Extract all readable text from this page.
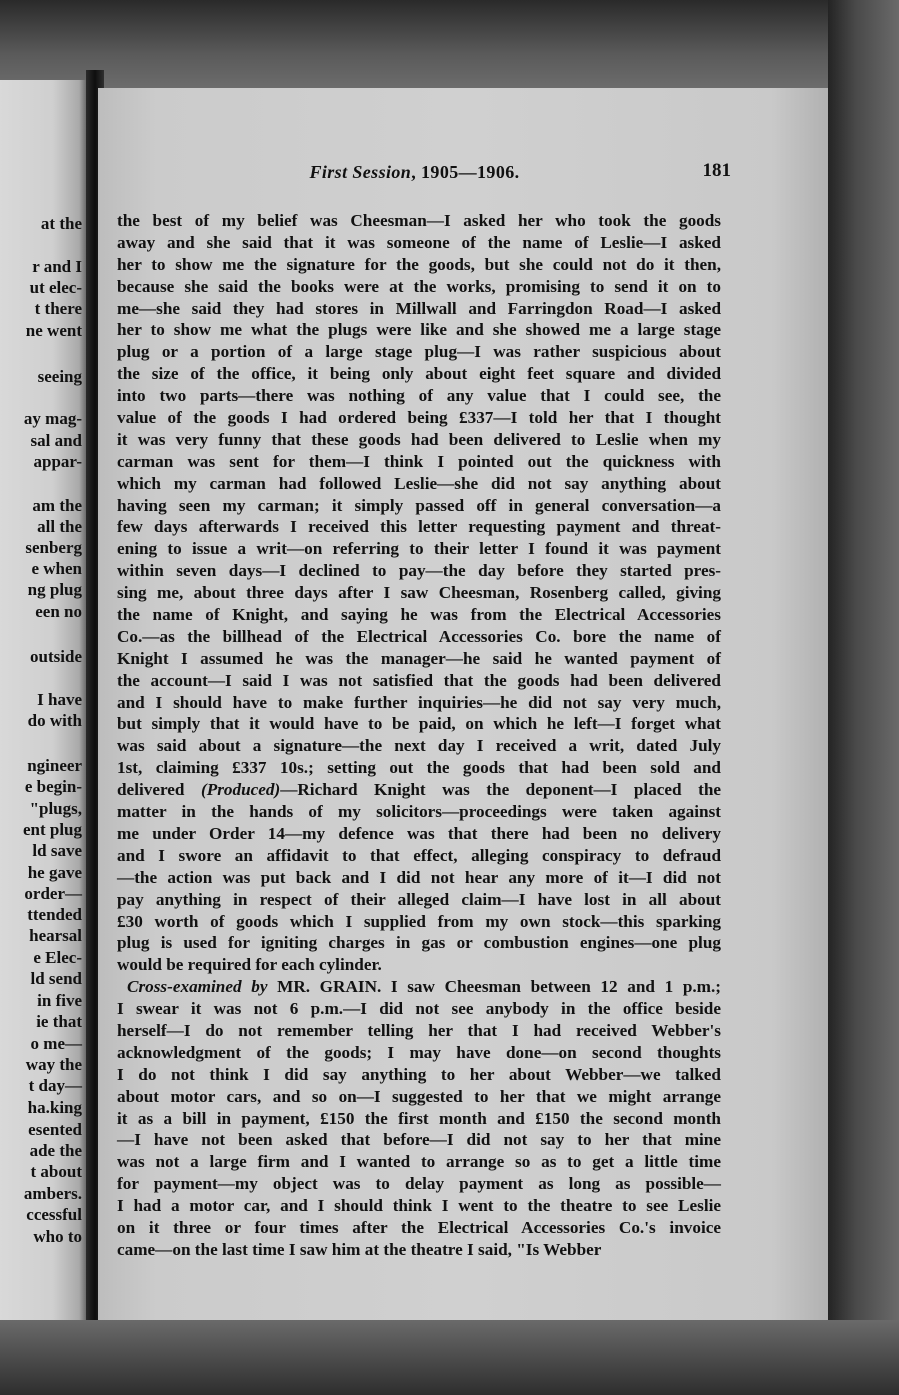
at the
r and I
ut elec-
t there
ne went
seeing
ay mag-
sal and
appar-
am the
all the
senberg
e when
ng plug
een no
outside
I have
do with
ngineer
e begin-
"plugs,
ent plug
ld save
he gave
order—
ttended
hearsal
e Elec-
ld send
in five
ie that
o me—
way the
t day—
ha.king
esented
ade the
t about
ambers.
ccessful
who to
First Session, 1905—1906.	181
the best of my belief was Cheesman—I asked her who took the goods
away and she said that it was someone of the name of Leslie—I asked
her to show me the signature for the goods, but she could not do it then,
because she said the books were at the works, promising to send it on to
me—she said they had stores in Millwall and Farringdon Road—I asked
her to show me what the plugs were like and she showed me a large stage
plug or a portion of a large stage plug—I was rather suspicious about
the size of the office, it being only about eight feet square and divided
into two parts—there was nothing of any value that I could see, the
value of the goods I had ordered being £337—I told her that I thought
it was very funny that these goods had been delivered to Leslie when my
carman was sent for them—I think I pointed out the quickness with
which my carman had followed Leslie—she did not say anything about
having seen my carman; it simply passed off in general conversation—a
few days afterwards I received this letter requesting payment and threat-
ening to issue a writ—on referring to their letter I found it was payment
within seven days—I declined to pay—the day before they started pres-
sing me, about three days after I saw Cheesman, Rosenberg called, giving
the name of Knight, and saying he was from the Electrical Accessories
Co.—as the billhead of the Electrical Accessories Co. bore the name of
Knight I assumed he was the manager—he said he wanted payment of
the account—I said I was not satisfied that the goods had been delivered
and I should have to make further inquiries—he did not say very much,
but simply that it would have to be paid, on which he left—I forget what
was said about a signature—the next day I received a writ, dated July
1st, claiming £337 10s.; setting out the goods that had been sold and
delivered (Produced)—Richard Knight was the deponent—I placed the
matter in the hands of my solicitors—proceedings were taken against
me under Order 14—my defence was that there had been no delivery
and I swore an affidavit to that effect, alleging conspiracy to defraud
—the action was put back and I did not hear any more of it—I did not
pay anything in respect of their alleged claim—I have lost in all about
£30 worth of goods which I supplied from my own stock—this sparking
plug is used for igniting charges in gas or combustion engines—one plug
would be required for each cylinder.
Cross-examined by MR. GRAIN. I saw Cheesman between 12 and 1 p.m.;
I swear it was not 6 p.m.—I did not see anybody in the office beside
herself—I do not remember telling her that I had received Webber's
acknowledgment of the goods; I may have done—on second thoughts
I do not think I did say anything to her about Webber—we talked
about motor cars, and so on—I suggested to her that we might arrange
it as a bill in payment, £150 the first month and £150 the second month
—I have not been asked that before—I did not say to her that mine
was not a large firm and I wanted to arrange so as to get a little time
for payment—my object was to delay payment as long as possible—
I had a motor car, and I should think I went to the theatre to see Leslie
on it three or four times after the Electrical Accessories Co.'s invoice
came—on the last time I saw him at the theatre I said, "Is Webber
